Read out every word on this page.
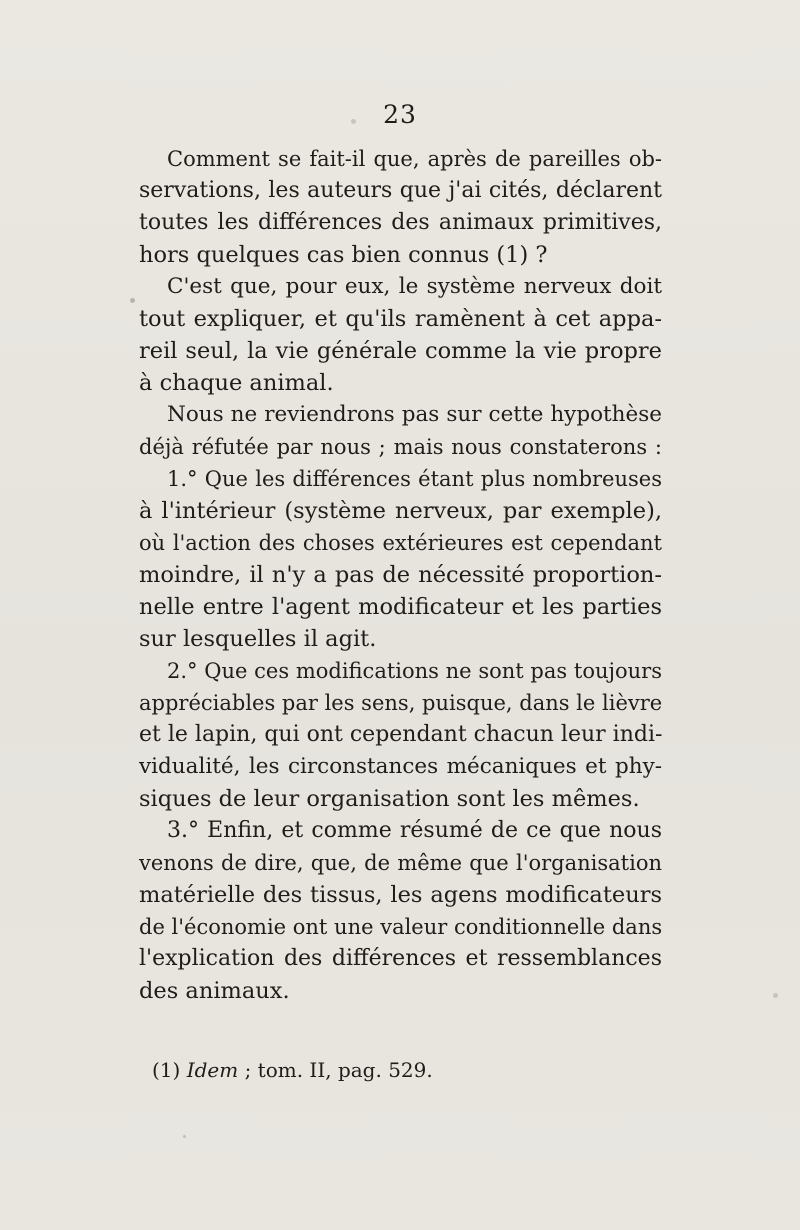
23
Comment se fait-il que, après de pareilles ob-
servations, les auteurs que j'ai cités, déclarent
toutes les différences des animaux primitives,
hors quelques cas bien connus (1) ?
C'est que, pour eux, le système nerveux doit
tout expliquer, et qu'ils ramènent à cet appa-
reil seul, la vie générale comme la vie propre
à chaque animal.
Nous ne reviendrons pas sur cette hypothèse
déjà réfutée par nous ; mais nous constaterons :
1.° Que les différences étant plus nombreuses
à l'intérieur (système nerveux, par exemple),
où l'action des choses extérieures est cependant
moindre, il n'y a pas de nécessité proportion-
nelle entre l'agent modificateur et les parties
sur lesquelles il agit.
2.° Que ces modifications ne sont pas toujours
appréciables par les sens, puisque, dans le lièvre
et le lapin, qui ont cependant chacun leur indi-
vidualité, les circonstances mécaniques et phy-
siques de leur organisation sont les mêmes.
3.° Enfin, et comme résumé de ce que nous
venons de dire, que, de même que l'organisation
matérielle des tissus, les agens modificateurs
de l'économie ont une valeur conditionnelle dans
l'explication des différences et ressemblances
des animaux.
(1) Idem ; tom. II, pag. 529.
